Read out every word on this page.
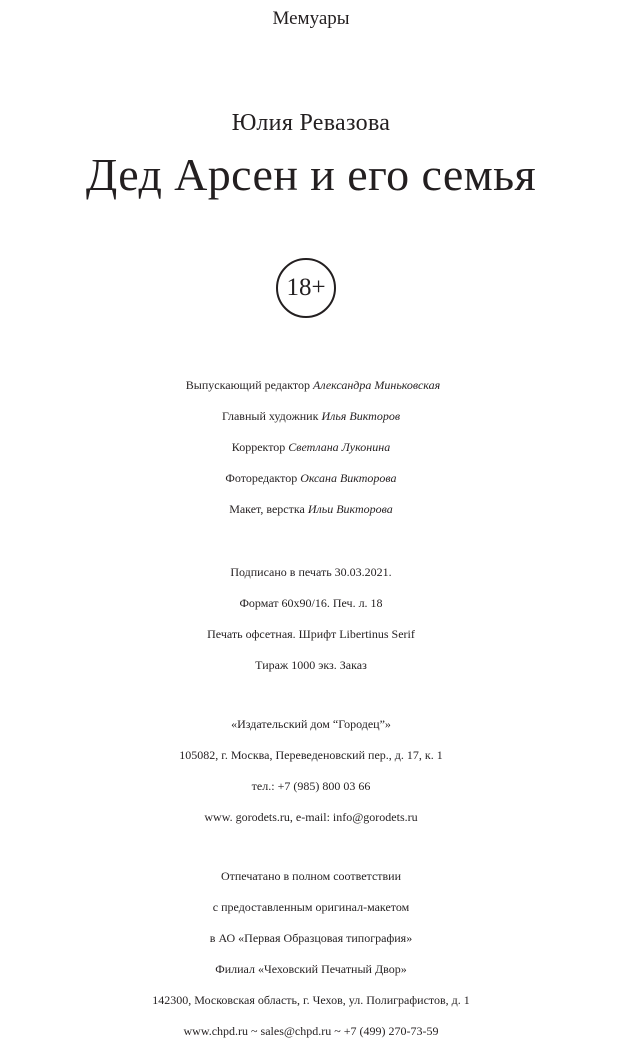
Мемуары
Юлия Ревазова
Дед Арсен и его семья
18+
Выпускающий редактор Александра Миньковская
Главный художник Илья Викторов
Корректор Светлана Луконина
Фоторедактор Оксана Викторова
Макет, верстка Ильи Викторова
Подписано в печать 30.03.2021.
Формат 60x90/16. Печ. л. 18
Печать офсетная. Шрифт Libertinus Serif
Тираж 1000 экз. Заказ
«Издательский дом “Городец”»
105082, г. Москва, Переведеновский пер., д. 17, к. 1
тел.: +7 (985) 800 03 66
www. gorodets.ru, e-mail: info@gorodets.ru
Отпечатано в полном соответствии
с предоставленным оригинал-макетом
в АО «Первая Образцовая типография»
Филиал «Чеховский Печатный Двор»
142300, Московская область, г. Чехов, ул. Полиграфистов, д. 1
www.chpd.ru ~ sales@chpd.ru ~ +7 (499) 270-73-59
